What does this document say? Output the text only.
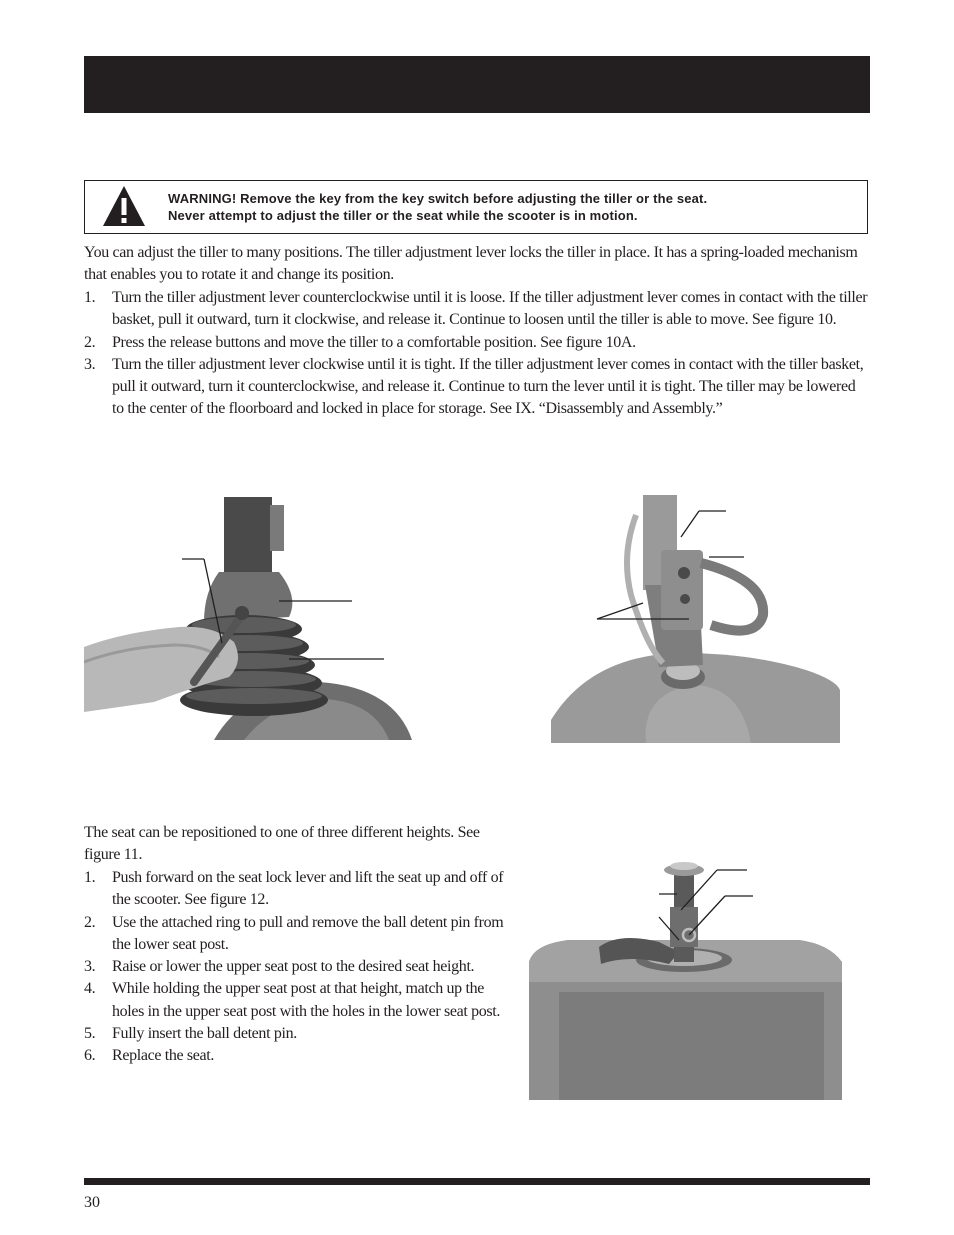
WARNING! Remove the key from the key switch before adjusting the tiller or the seat.
Never attempt to adjust the tiller or the seat while the scooter is in motion.

You can adjust the tiller to many positions. The tiller adjustment lever locks the tiller in place. It has a spring-loaded mechanism that enables you to rotate it and change its position.

1. Turn the tiller adjustment lever counterclockwise until it is loose. If the tiller adjustment lever comes in contact with the tiller basket, pull it outward, turn it clockwise, and release it. Continue to loosen until the tiller is able to move. See figure 10.
2. Press the release buttons and move the tiller to a comfortable position. See figure 10A.
3. Turn the tiller adjustment lever clockwise until it is tight. If the tiller adjustment lever comes in contact with the tiller basket, pull it outward, turn it counterclockwise, and release it. Continue to turn the lever until it is tight. The tiller may be lowered to the center of the floorboard and locked in place for storage. See IX. “Disassembly and Assembly.”

The seat can be repositioned to one of three different heights. See figure 11.

1. Push forward on the seat lock lever and lift the seat up and off of the scooter. See figure 12.
2. Use the attached ring to pull and remove the ball detent pin from the lower seat post.
3. Raise or lower the upper seat post to the desired seat height.
4. While holding the upper seat post at that height, match up the holes in the upper seat post with the holes in the lower seat post.
5. Fully insert the ball detent pin.
6. Replace the seat.
30
